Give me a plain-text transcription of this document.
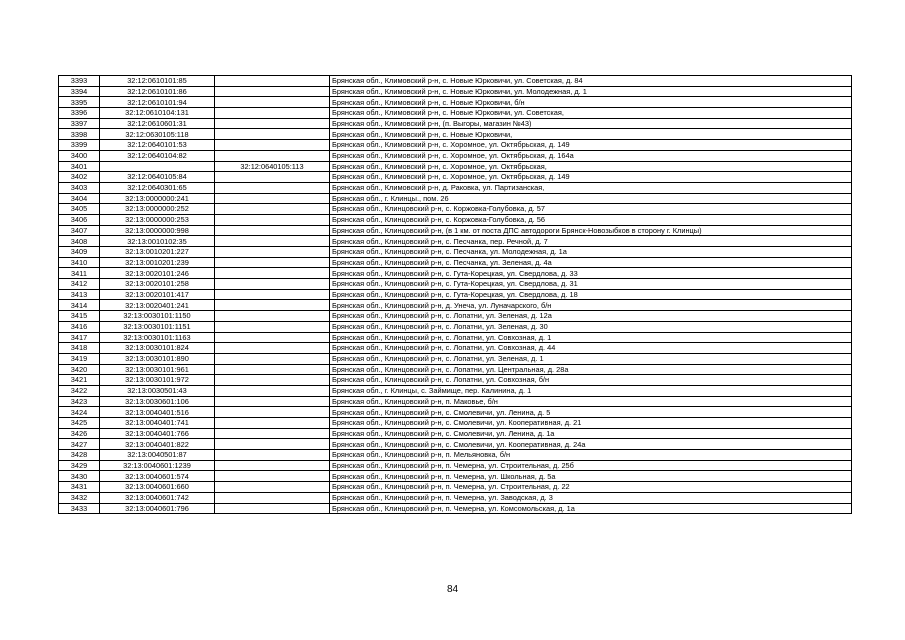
3393	32:12:0610101:85		Брянская обл., Климовский р-н, с. Новые Юрковичи, ул. Советская, д. 84
3394	32:12:0610101:86		Брянская обл., Климовский р-н, с. Новые Юрковичи, ул. Молодежная, д. 1
3395	32:12:0610101:94		Брянская обл., Климовский р-н, с. Новые Юрковичи, б/н
3396	32:12:0610104:131		Брянская обл., Климовский р-н, с. Новые Юрковичи, ул. Советская,
3397	32:12:0610601:31		Брянская обл., Климовский р-н, (п. Выгоры, магазин №43)
3398	32:12:0630105:118		Брянская обл., Климовский р-н, с. Новые Юрковичи,
3399	32:12:0640101:53		Брянская обл., Климовский р-н, с. Хоромное, ул. Октябрьская, д. 149
3400	32:12:0640104:82		Брянская обл., Климовский р-н, с. Хоромное, ул. Октябрьская, д. 164а
3401		32:12:0640105:113	Брянская обл., Климовский р-н, с. Хоромное, ул. Октябрьская,
3402	32:12:0640105:84		Брянская обл., Климовский р-н, с. Хоромное, ул. Октябрьская, д. 149
3403	32:12:0640301:65		Брянская обл., Климовский р-н, д. Раковка, ул. Партизанская,
3404	32:13:0000000:241		Брянская обл., г. Клинцы., пом. 26
3405	32:13:0000000:252		Брянская обл., Клинцовский р-н, с. Коржовка-Голубовка, д. 57
3406	32:13:0000000:253		Брянская обл., Клинцовский р-н, с. Коржовка-Голубовка, д. 56
3407	32:13:0000000:998		Брянская обл., Клинцовский р-н, (в 1 км. от поста ДПС автодороги Брянск-Новозыбков в сторону г. Клинцы)
3408	32:13:0010102:35		Брянская обл., Клинцовский р-н, с. Песчанка, пер. Речной, д. 7
3409	32:13:0010201:227		Брянская обл., Клинцовский р-н, с. Песчанка, ул. Молодежная, д. 1а
3410	32:13:0010201:239		Брянская обл., Клинцовский р-н, с. Песчанка, ул. Зеленая, д. 4а
3411	32:13:0020101:246		Брянская обл., Клинцовский р-н, с. Гута-Корецкая, ул. Свердлова, д. 33
3412	32:13:0020101:258		Брянская обл., Клинцовский р-н, с. Гута-Корецкая, ул. Свердлова, д. 31
3413	32:13:0020101:417		Брянская обл., Клинцовский р-н, с. Гута-Корецкая, ул. Свердлова, д. 18
3414	32:13:0020401:241		Брянская обл., Клинцовский р-н, д. Унеча, ул. Луначарского, б/н
3415	32:13:0030101:1150		Брянская обл., Клинцовский р-н, с. Лопатни, ул. Зеленая, д. 12а
3416	32:13:0030101:1151		Брянская обл., Клинцовский р-н, с. Лопатни, ул. Зеленая, д. 30
3417	32:13:0030101:1163		Брянская обл., Клинцовский р-н, с. Лопатни, ул. Совхозная, д. 1
3418	32:13:0030101:824		Брянская обл., Клинцовский р-н, с. Лопатни, ул. Совхозная, д. 44
3419	32:13:0030101:890		Брянская обл., Клинцовский р-н, с. Лопатни, ул. Зеленая, д. 1
3420	32:13:0030101:961		Брянская обл., Клинцовский р-н, с. Лопатни, ул. Центральная, д. 28а
3421	32:13:0030101:972		Брянская обл., Клинцовский р-н, с. Лопатни, ул. Совхозная, б/н
3422	32:13:0030501:43		Брянская обл., г. Клинцы, с. Займище, пер. Калинина, д. 1
3423	32:13:0030601:106		Брянская обл., Клинцовский р-н, п. Маковье, б/н
3424	32:13:0040401:516		Брянская обл., Клинцовский р-н, с. Смолевичи, ул. Ленина, д. 5
3425	32:13:0040401:741		Брянская обл., Клинцовский р-н, с. Смолевичи, ул. Кооперативная, д. 21
3426	32:13:0040401:766		Брянская обл., Клинцовский р-н, с. Смолевичи, ул. Ленина, д. 1а
3427	32:13:0040401:822		Брянская обл., Клинцовский р-н, с. Смолевичи, ул. Кооперативная, д. 24а
3428	32:13:0040501:87		Брянская обл., Клинцовский р-н, п. Мельяновка, б/н
3429	32:13:0040601:1239		Брянская обл., Клинцовский р-н, п. Чемерна, ул. Строительная, д. 25б
3430	32:13:0040601:574		Брянская обл., Клинцовский р-н, п. Чемерна, ул. Школьная, д. 5а
3431	32:13:0040601:660		Брянская обл., Клинцовский р-н, п. Чемерна, ул. Строительная, д. 22
3432	32:13:0040601:742		Брянская обл., Клинцовский р-н, п. Чемерна, ул. Заводская, д. 3
3433	32:13:0040601:796		Брянская обл., Клинцовский р-н, п. Чемерна, ул. Комсомольская, д. 1а
84
